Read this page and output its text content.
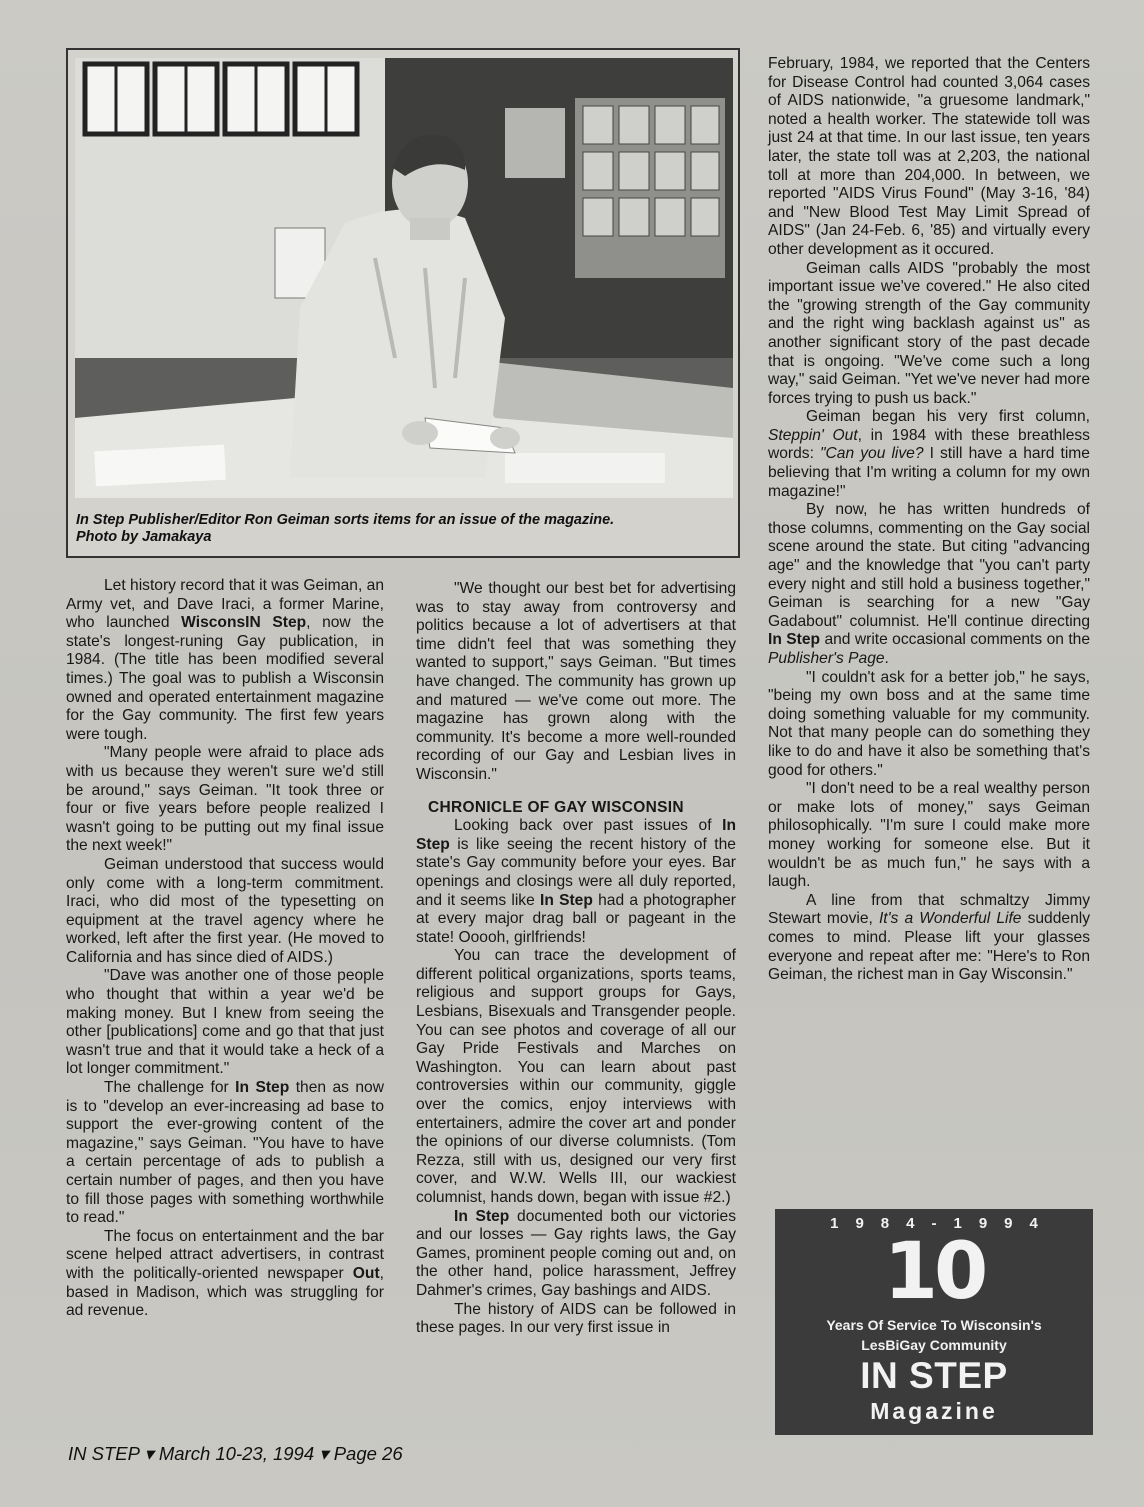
In Step Publisher/Editor Ron Geiman sorts items for an issue of the magazine.
Photo by Jamakaya

Let history record that it was Geiman, an Army vet, and Dave Iraci, a former Marine, who launched WisconsIN Step, now the state's longest-runing Gay publication, in 1984. (The title has been modified several times.) The goal was to publish a Wisconsin owned and operated entertainment magazine for the Gay community. The first few years were tough.

"Many people were afraid to place ads with us because they weren't sure we'd still be around," says Geiman. "It took three or four or five years before people realized I wasn't going to be putting out my final issue the next week!"

Geiman understood that success would only come with a long-term commitment. Iraci, who did most of the typesetting on equipment at the travel agency where he worked, left after the first year. (He moved to California and has since died of AIDS.)

"Dave was another one of those people who thought that within a year we'd be making money. But I knew from seeing the other [publications] come and go that that just wasn't true and that it would take a heck of a lot longer commitment."

The challenge for In Step then as now is to "develop an ever-increasing ad base to support the ever-growing content of the magazine," says Geiman. "You have to have a certain percentage of ads to publish a certain number of pages, and then you have to fill those pages with something worthwhile to read."

The focus on entertainment and the bar scene helped attract advertisers, in contrast with the politically-oriented newspaper Out, based in Madison, which was struggling for ad revenue.

"We thought our best bet for advertising was to stay away from controversy and politics because a lot of advertisers at that time didn't feel that was something they wanted to support," says Geiman. "But times have changed. The community has grown up and matured — we've come out more. The magazine has grown along with the community. It's become a more well-rounded recording of our Gay and Lesbian lives in Wisconsin."

CHRONICLE OF GAY WISCONSIN

Looking back over past issues of In Step is like seeing the recent history of the state's Gay community before your eyes. Bar openings and closings were all duly reported, and it seems like In Step had a photographer at every major drag ball or pageant in the state! Ooooh, girlfriends!

You can trace the development of different political organizations, sports teams, religious and support groups for Gays, Lesbians, Bisexuals and Transgender people. You can see photos and coverage of all our Gay Pride Festivals and Marches on Washington. You can learn about past controversies within our community, giggle over the comics, enjoy interviews with entertainers, admire the cover art and ponder the opinions of our diverse columnists. (Tom Rezza, still with us, designed our very first cover, and W.W. Wells III, our wackiest columnist, hands down, began with issue #2.)

In Step documented both our victories and our losses — Gay rights laws, the Gay Games, prominent people coming out and, on the other hand, police harassment, Jeffrey Dahmer's crimes, Gay bashings and AIDS.

The history of AIDS can be followed in these pages. In our very first issue in

February, 1984, we reported that the Centers for Disease Control had counted 3,064 cases of AIDS nationwide, "a gruesome landmark," noted a health worker. The statewide toll was just 24 at that time. In our last issue, ten years later, the state toll was at 2,203, the national toll at more than 204,000. In between, we reported "AIDS Virus Found" (May 3-16, '84) and "New Blood Test May Limit Spread of AIDS" (Jan 24-Feb. 6, '85) and virtually every other development as it occured.

Geiman calls AIDS "probably the most important issue we've covered." He also cited the "growing strength of the Gay community and the right wing backlash against us" as another significant story of the past decade that is ongoing. "We've come such a long way," said Geiman. "Yet we've never had more forces trying to push us back."

Geiman began his very first column, Steppin' Out, in 1984 with these breathless words: "Can you live? I still have a hard time believing that I'm writing a column for my own magazine!"

By now, he has written hundreds of those columns, commenting on the Gay social scene around the state. But citing "advancing age" and the knowledge that "you can't party every night and still hold a business together," Geiman is searching for a new "Gay Gadabout" columnist. He'll continue directing In Step and write occasional comments on the Publisher's Page.

"I couldn't ask for a better job," he says, "being my own boss and at the same time doing something valuable for my community. Not that many people can do something they like to do and have it also be something that's good for others."

"I don't need to be a real wealthy person or make lots of money," says Geiman philosophically. "I'm sure I could make more money working for someone else. But it wouldn't be as much fun," he says with a laugh.

A line from that schmaltzy Jimmy Stewart movie, It's a Wonderful Life suddenly comes to mind. Please lift your glasses everyone and repeat after me: "Here's to Ron Geiman, the richest man in Gay Wisconsin."

1984-1994
10
Years Of Service To Wisconsin's
LesBiGay Community
IN STEP
Magazine
IN STEP ▾ March 10-23, 1994 ▾ Page 26
